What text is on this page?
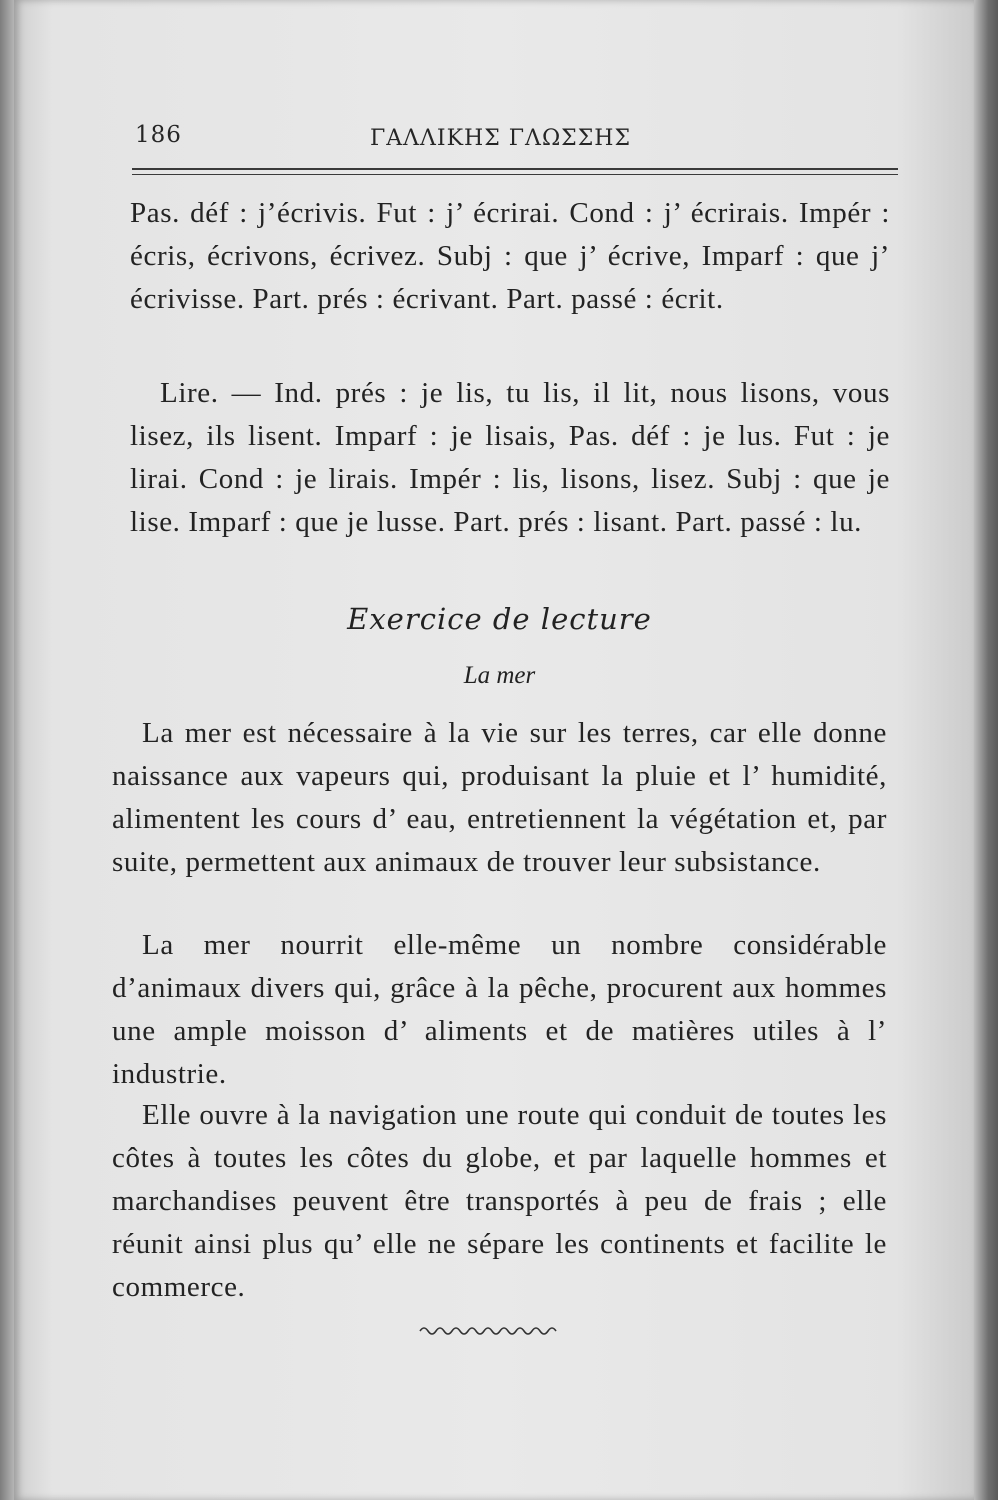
186	ΓΑΛΛΙΚΗΣ ΓΛΩΣΣΗΣ
Pas. déf : j’écrivis. Fut : j’ écrirai. Cond : j’ écrirais. Impér : écris, écrivons, écrivez. Subj : que j’ écrive, Imparf : que j’ écrivisse. Part. prés : écrivant. Part. passé : écrit.
Lire. — Ind. prés : je lis, tu lis, il lit, nous lisons, vous lisez, ils lisent. Imparf : je lisais, Pas. déf : je lus. Fut : je lirai. Cond : je lirais. Impér : lis, lisons, lisez. Subj : que je lise. Imparf : que je lusse. Part. prés : lisant. Part. passé : lu.
Exercice de lecture
La mer
La mer est nécessaire à la vie sur les terres, car elle donne naissance aux vapeurs qui, produisant la pluie et l’ humidité, alimentent les cours d’ eau, entretiennent la végétation et, par suite, permettent aux animaux de trouver leur subsistance.
La mer nourrit elle-même un nombre considérable d’animaux divers qui, grâce à la pêche, procurent aux hommes une ample moisson d’ aliments et de matières utiles à l’ industrie.
Elle ouvre à la navigation une route qui conduit de toutes les côtes à toutes les côtes du globe, et par laquelle hommes et marchandises peuvent être transportés à peu de frais ; elle réunit ainsi plus qu’ elle ne sépare les continents et facilite le commerce.
